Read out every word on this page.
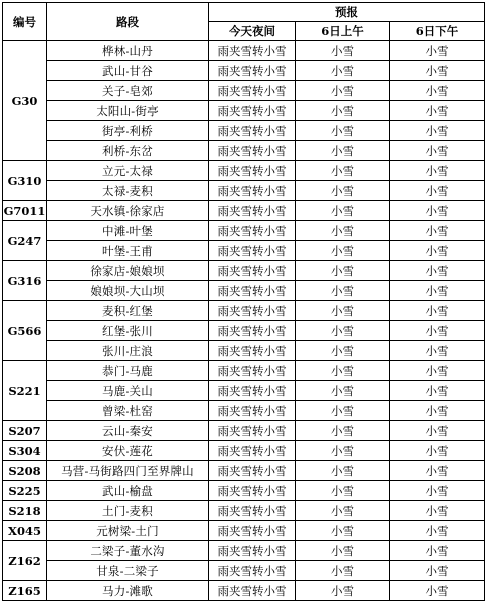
编号	路段	预报		
		今天夜间	6日上午	6日下午
G30	桦林-山丹	雨夹雪转小雪	小雪	小雪
	武山-甘谷	雨夹雪转小雪	小雪	小雪
	关子-皂郊	雨夹雪转小雪	小雪	小雪
	太阳山-街亭	雨夹雪转小雪	小雪	小雪
	街亭-利桥	雨夹雪转小雪	小雪	小雪
	利桥-东岔	雨夹雪转小雪	小雪	小雪
G310	立元-太禄	雨夹雪转小雪	小雪	小雪
	太禄-麦积	雨夹雪转小雪	小雪	小雪
G7011	天水镇-徐家店	雨夹雪转小雪	小雪	小雪
G247	中滩-叶堡	雨夹雪转小雪	小雪	小雪
	叶堡-王甫	雨夹雪转小雪	小雪	小雪
G316	徐家店-娘娘坝	雨夹雪转小雪	小雪	小雪
	娘娘坝-大山坝	雨夹雪转小雪	小雪	小雪
G566	麦积-红堡	雨夹雪转小雪	小雪	小雪
	红堡-张川	雨夹雪转小雪	小雪	小雪
	张川-庄浪	雨夹雪转小雪	小雪	小雪
S221	恭门-马鹿	雨夹雪转小雪	小雪	小雪
	马鹿-关山	雨夹雪转小雪	小雪	小雪
	曾梁-杜窑	雨夹雪转小雪	小雪	小雪
S207	云山-秦安	雨夹雪转小雪	小雪	小雪
S304	安伏-莲花	雨夹雪转小雪	小雪	小雪
S208	马营-马街路四门至界牌山	雨夹雪转小雪	小雪	小雪
S225	武山-榆盘	雨夹雪转小雪	小雪	小雪
S218	土门-麦积	雨夹雪转小雪	小雪	小雪
X045	元树梁-土门	雨夹雪转小雪	小雪	小雪
Z162	二梁子-董水沟	雨夹雪转小雪	小雪	小雪
	甘泉-二梁子	雨夹雪转小雪	小雪	小雪
Z165	马力-滩歌	雨夹雪转小雪	小雪	小雪
